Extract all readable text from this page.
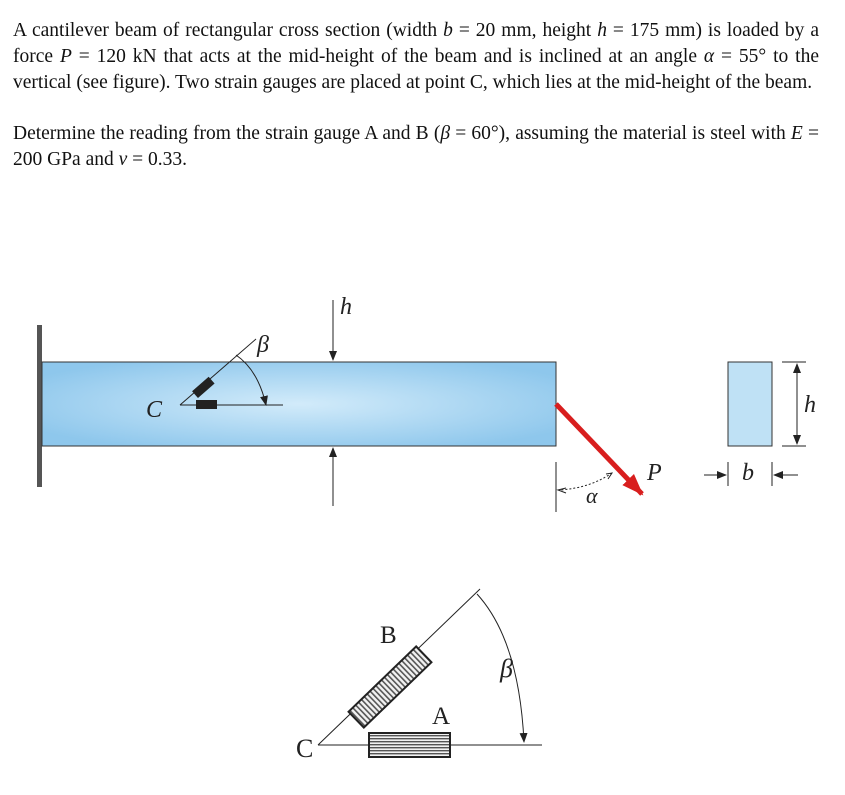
A cantilever beam of rectangular cross section (width b = 20 mm, height h = 175 mm) is loaded by a force P = 120 kN that acts at the mid-height of the beam and is inclined at an angle α = 55° to the vertical (see figure). Two strain gauges are placed at point C, which lies at the mid-height of the beam.

Determine the reading from the strain gauge A and B (β = 60°), assuming the material is steel with E = 200 GPa and ν = 0.33.

β
C
h
P
α
h
b
B
A
β
C
